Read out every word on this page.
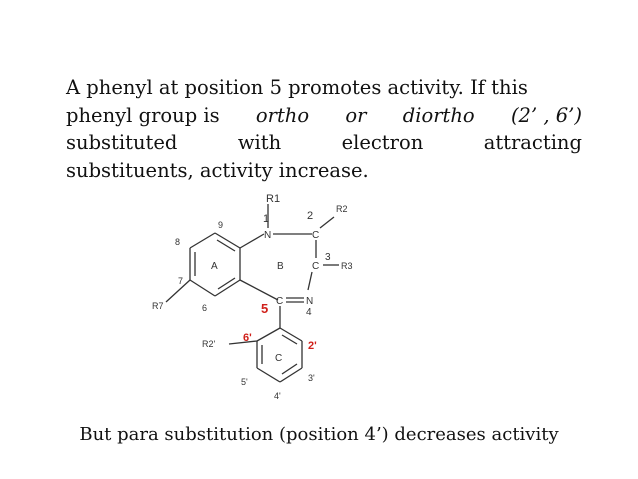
A phenyl at position 5 promotes activity. If this
phenyl group is ortho or diortho (2’ , 6’)
substituted	with	electron	attracting
substituents, activity increase.
R1
1	2
R2
N	C
9
8
A	B	C
3
R3
7
6	5 C N
4
R7
R2'	6'
2'
C
5'	3'
4'
But para substitution (position 4’) decreases activity
